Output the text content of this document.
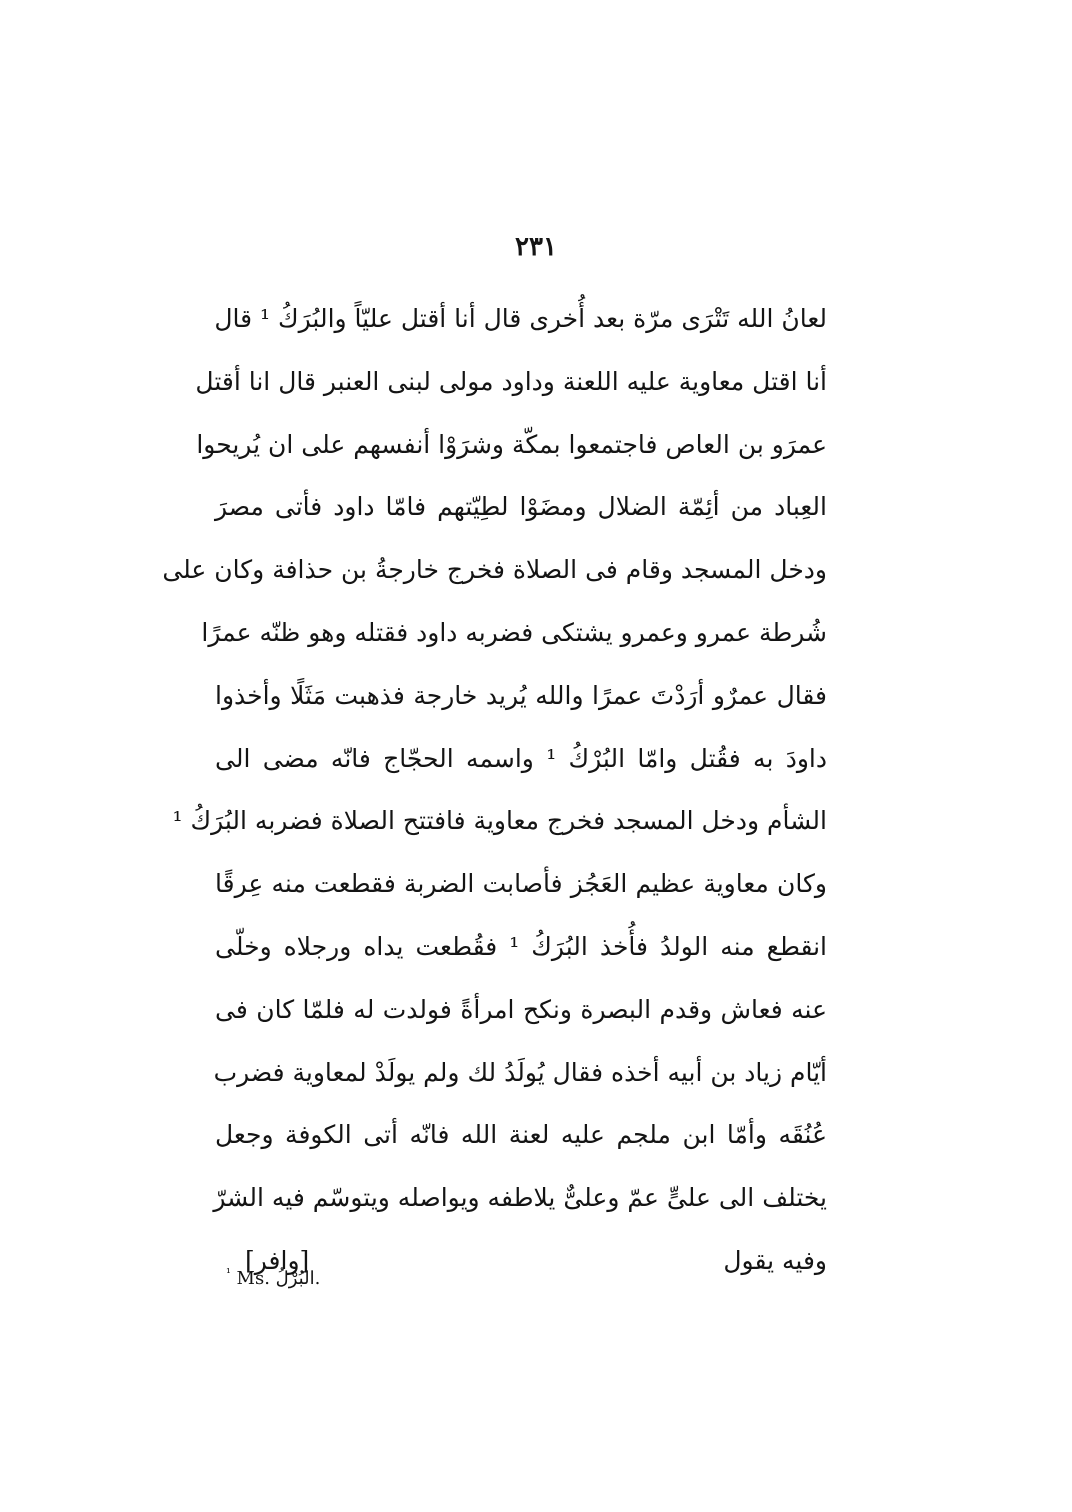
٢٣١
لعانُ الله تَتْرَى مرّة بعد أُخرى قال أنا أقتل عليّاً والبُرَكُ ¹ قال
أنا اقتل معاوية عليه اللعنة وداود مولى لبنى العنبر قال انا أقتل
عمرَو بن العاص فاجتمعوا بمكّة وشرَوْا أنفسهم على ان يُريحوا
العِباد من أئِمّة الضلال ومضَوْا لطِيّتهم فامّا داود فأتى مصرَ
ودخل المسجد وقام فى الصلاة فخرج خارجةُ بن حذافة وكان على
شُرطة عمرو وعمرو يشتكى فضربه داود فقتله وهو ظنّه عمرًا
فقال عمرٌو أرَدْتَ عمرًا والله يُريد خارجة فذهبت مَثَلًا وأخذوا
داودَ به فقُتل وامّا البُرْكُ ¹ واسمه الحجّاج فانّه مضى الى
الشأم ودخل المسجد فخرج معاوية فافتتح الصلاة فضربه البُرَكُ ¹
وكان معاوية عظيم العَجُز فأصابت الضربة فقطعت منه عِرقًا
انقطع منه الولدُ فأُخذ البُرَكُ ¹ فقُطعت يداه ورجلاه وخلّى
عنه فعاش وقدم البصرة ونكح امرأةً فولدت له فلمّا كان فى
أيّام زياد بن أبيه أخذه فقال يُولَدُ لك ولم يولَدْ لمعاوية فضرب
عُنُقَه وأمّا ابن ملجم عليه لعنة الله فانّه أتى الكوفة وجعل
يختلف الى علىٍّ عمّ وعلىٌّ يلاطفه ويواصله ويتوسّم فيه الشرّ
وفيه يقول
[وافر]
$^{^1}$ Ms. البُرْلُ.
